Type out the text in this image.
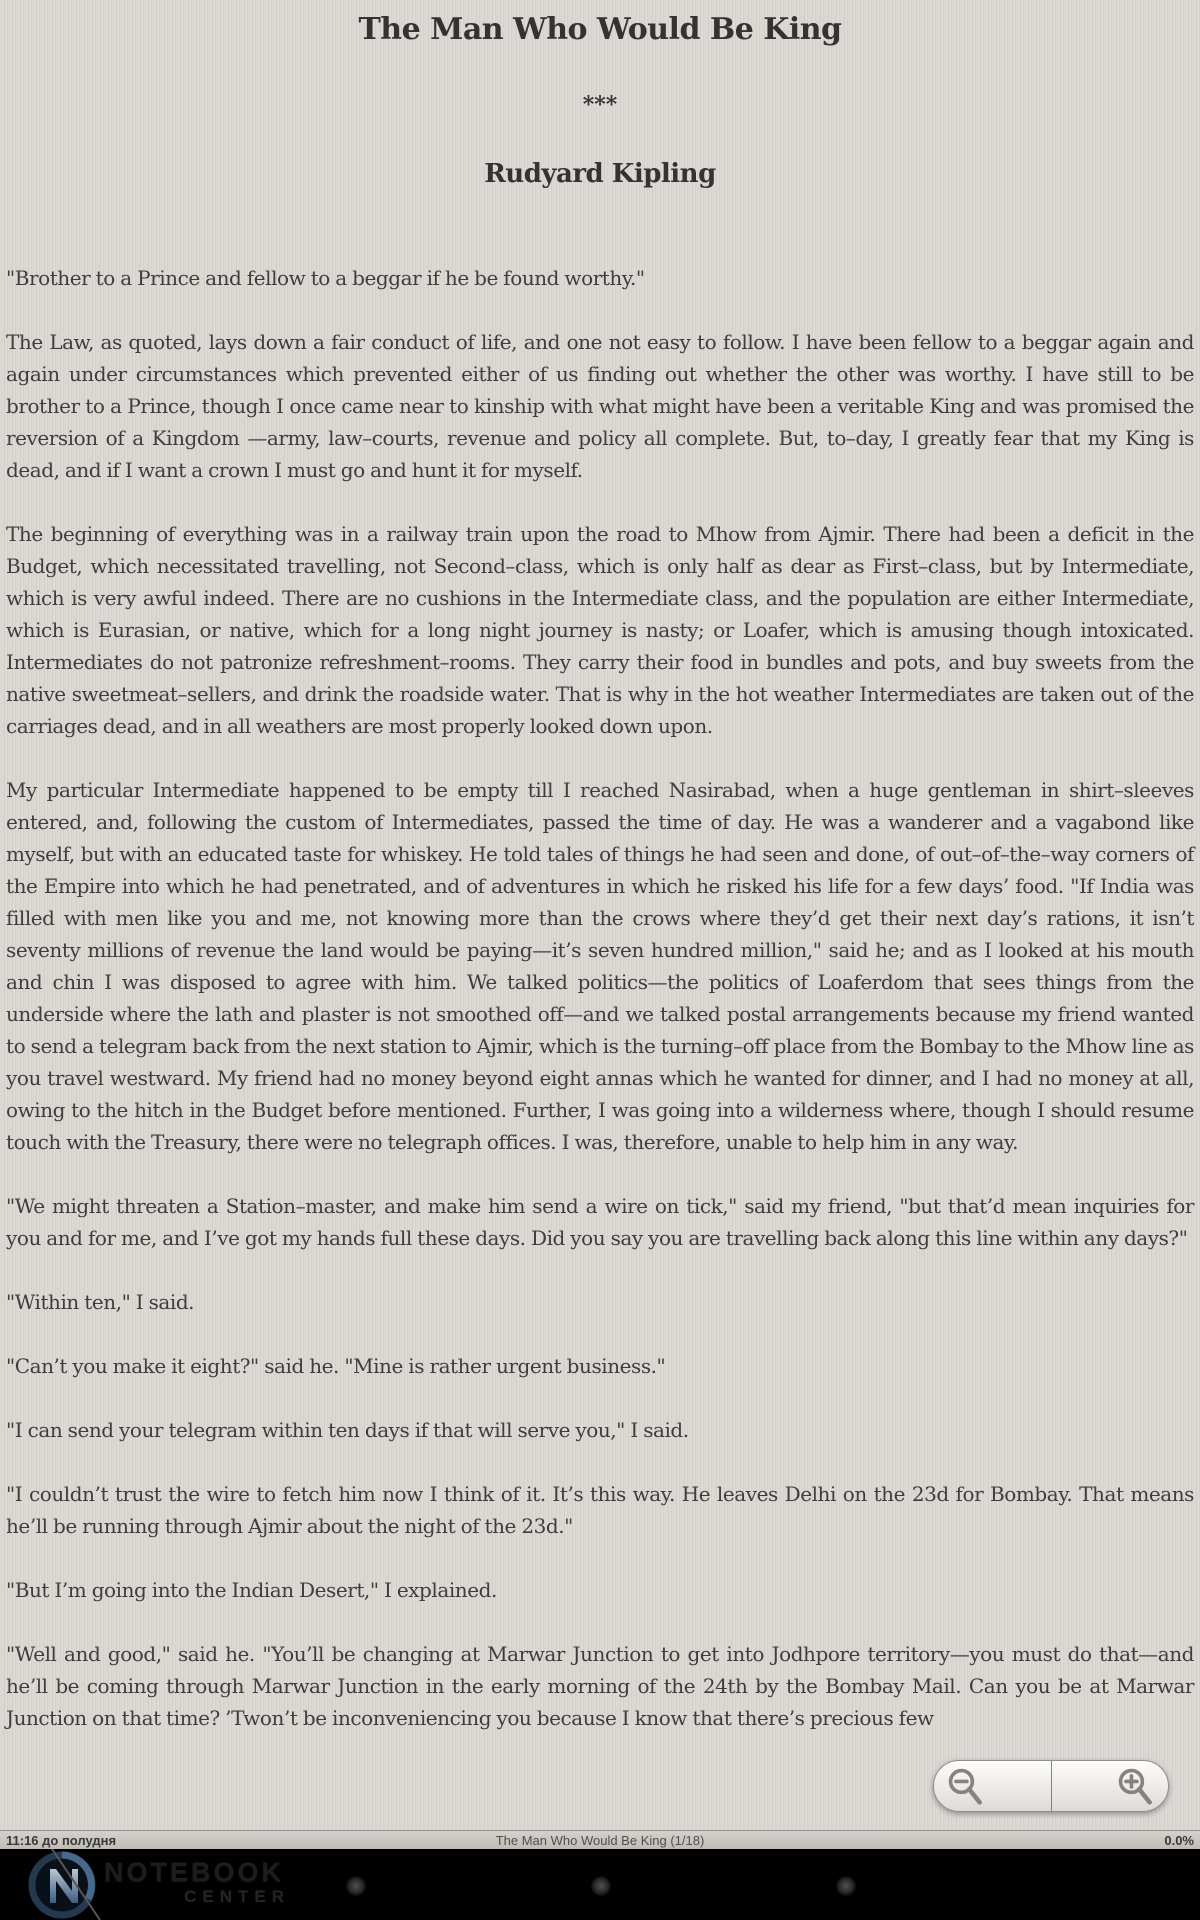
The Man Who Would Be King
***
Rudyard Kipling

"Brother to a Prince and fellow to a beggar if he be found worthy."

The Law, as quoted, lays down a fair conduct of life, and one not easy to follow. I have been fellow to a beggar again and again under circumstances which prevented either of us finding out whether the other was worthy. I have still to be brother to a Prince, though I once came near to kinship with what might have been a veritable King and was promised the reversion of a Kingdom —army, law–courts, revenue and policy all complete. But, to–day, I greatly fear that my King is dead, and if I want a crown I must go and hunt it for myself.

The beginning of everything was in a railway train upon the road to Mhow from Ajmir. There had been a deficit in the Budget, which necessitated travelling, not Second–class, which is only half as dear as First–class, but by Intermediate, which is very awful indeed. There are no cushions in the Intermediate class, and the population are either Intermediate, which is Eurasian, or native, which for a long night journey is nasty; or Loafer, which is amusing though intoxicated. Intermediates do not patronize refreshment–rooms. They carry their food in bundles and pots, and buy sweets from the native sweetmeat–sellers, and drink the roadside water. That is why in the hot weather Intermediates are taken out of the carriages dead, and in all weathers are most properly looked down upon.

My particular Intermediate happened to be empty till I reached Nasirabad, when a huge gentleman in shirt–sleeves entered, and, following the custom of Intermediates, passed the time of day. He was a wanderer and a vagabond like myself, but with an educated taste for whiskey. He told tales of things he had seen and done, of out–of–the–way corners of the Empire into which he had penetrated, and of adventures in which he risked his life for a few days’ food. "If India was filled with men like you and me, not knowing more than the crows where they’d get their next day’s rations, it isn’t seventy millions of revenue the land would be paying—it’s seven hundred million," said he; and as I looked at his mouth and chin I was disposed to agree with him. We talked politics—the politics of Loaferdom that sees things from the underside where the lath and plaster is not smoothed off—and we talked postal arrangements because my friend wanted to send a telegram back from the next station to Ajmir, which is the turning–off place from the Bombay to the Mhow line as you travel westward. My friend had no money beyond eight annas which he wanted for dinner, and I had no money at all, owing to the hitch in the Budget before mentioned. Further, I was going into a wilderness where, though I should resume touch with the Treasury, there were no telegraph offices. I was, therefore, unable to help him in any way.

"We might threaten a Station–master, and make him send a wire on tick," said my friend, "but that’d mean inquiries for you and for me, and I’ve got my hands full these days. Did you say you are travelling back along this line within any days?"

"Within ten," I said.

"Can’t you make it eight?" said he. "Mine is rather urgent business."

"I can send your telegram within ten days if that will serve you," I said.

"I couldn’t trust the wire to fetch him now I think of it. It’s this way. He leaves Delhi on the 23d for Bombay. That means he’ll be running through Ajmir about the night of the 23d."

"But I’m going into the Indian Desert," I explained.

"Well and good," said he. "You’ll be changing at Marwar Junction to get into Jodhpore territory—you must do that—and he’ll be coming through Marwar Junction in the early morning of the 24th by the Bombay Mail. Can you be at Marwar Junction on that time? ’Twon’t be inconveniencing you because I know that there’s precious few

11:16 до полудня	The Man Who Would Be King (1/18)	0.0%
NOTEBOOK
CENTER
